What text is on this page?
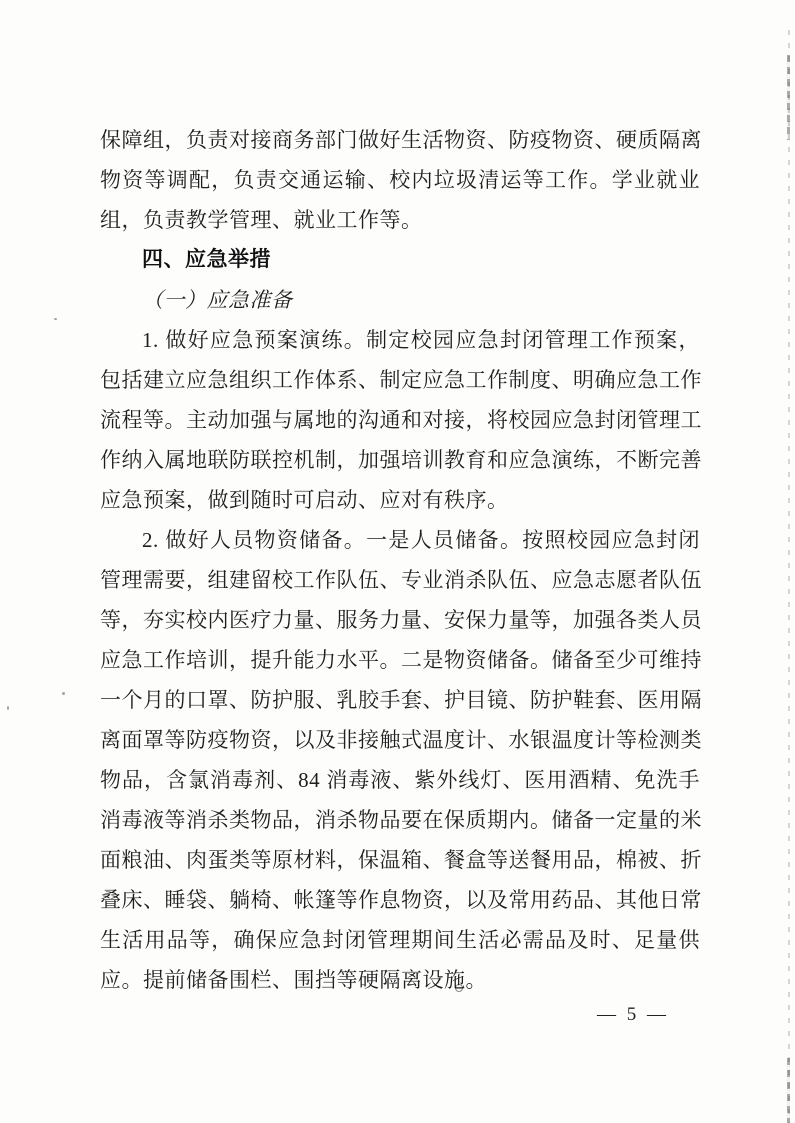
保障组，负责对接商务部门做好生活物资、防疫物资、硬质隔离
物资等调配，负责交通运输、校内垃圾清运等工作。学业就业
组，负责教学管理、就业工作等。
四、应急举措
（一）应急准备
1. 做好应急预案演练。制定校园应急封闭管理工作预案，
包括建立应急组织工作体系、制定应急工作制度、明确应急工作
流程等。主动加强与属地的沟通和对接，将校园应急封闭管理工
作纳入属地联防联控机制，加强培训教育和应急演练，不断完善
应急预案，做到随时可启动、应对有秩序。
2. 做好人员物资储备。一是人员储备。按照校园应急封闭
管理需要，组建留校工作队伍、专业消杀队伍、应急志愿者队伍
等，夯实校内医疗力量、服务力量、安保力量等，加强各类人员
应急工作培训，提升能力水平。二是物资储备。储备至少可维持
一个月的口罩、防护服、乳胶手套、护目镜、防护鞋套、医用隔
离面罩等防疫物资，以及非接触式温度计、水银温度计等检测类
物品，含氯消毒剂、84 消毒液、紫外线灯、医用酒精、免洗手
消毒液等消杀类物品，消杀物品要在保质期内。储备一定量的米
面粮油、肉蛋类等原材料，保温箱、餐盒等送餐用品，棉被、折
叠床、睡袋、躺椅、帐篷等作息物资，以及常用药品、其他日常
生活用品等，确保应急封闭管理期间生活必需品及时、足量供
应。提前储备围栏、围挡等硬隔离设施。
— 5 —
